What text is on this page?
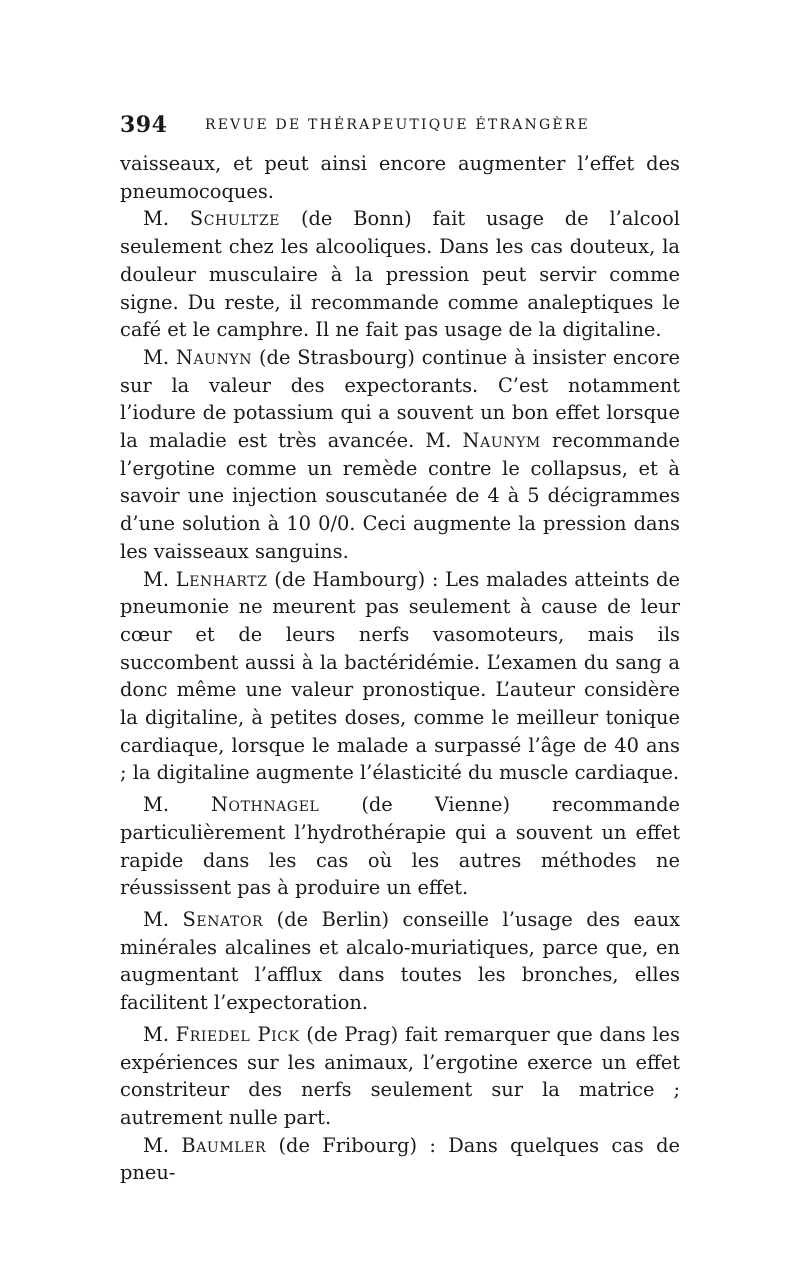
394	REVUE DE THÉRAPEUTIQUE ÉTRANGÈRE

vaisseaux, et peut ainsi encore augmenter l’effet des pneumocoques.

M. Schultze (de Bonn) fait usage de l’alcool seulement chez les alcooliques. Dans les cas douteux, la douleur musculaire à la pression peut servir comme signe. Du reste, il recommande comme analeptiques le café et le camphre. Il ne fait pas usage de la digitaline.

M. Naunyn (de Strasbourg) continue à insister encore sur la valeur des expectorants. C’est notamment l’iodure de potassium qui a souvent un bon effet lorsque la maladie est très avancée. M. Naunym recommande l’ergotine comme un remède contre le collapsus, et à savoir une injection souscutanée de 4 à 5 décigrammes d’une solution à 10 0/0. Ceci augmente la pression dans les vaisseaux sanguins.

M. Lenhartz (de Hambourg) : Les malades atteints de pneumonie ne meurent pas seulement à cause de leur cœur et de leurs nerfs vasomoteurs, mais ils succombent aussi à la bactéridémie. L’examen du sang a donc même une valeur pronostique. L’auteur considère la digitaline, à petites doses, comme le meilleur tonique cardiaque, lorsque le malade a surpassé l’âge de 40 ans ; la digitaline augmente l’élasticité du muscle cardiaque.

M. Nothnagel (de Vienne) recommande particulièrement l’hydrothérapie qui a souvent un effet rapide dans les cas où les autres méthodes ne réussissent pas à produire un effet.

M. Senator (de Berlin) conseille l’usage des eaux minérales alcalines et alcalo-muriatiques, parce que, en augmentant l’afflux dans toutes les bronches, elles facilitent l’expectoration.

M. Friedel Pick (de Prag) fait remarquer que dans les expériences sur les animaux, l’ergotine exerce un effet constriteur des nerfs seulement sur la matrice ; autrement nulle part.

M. Baumler (de Fribourg) : Dans quelques cas de pneu-
